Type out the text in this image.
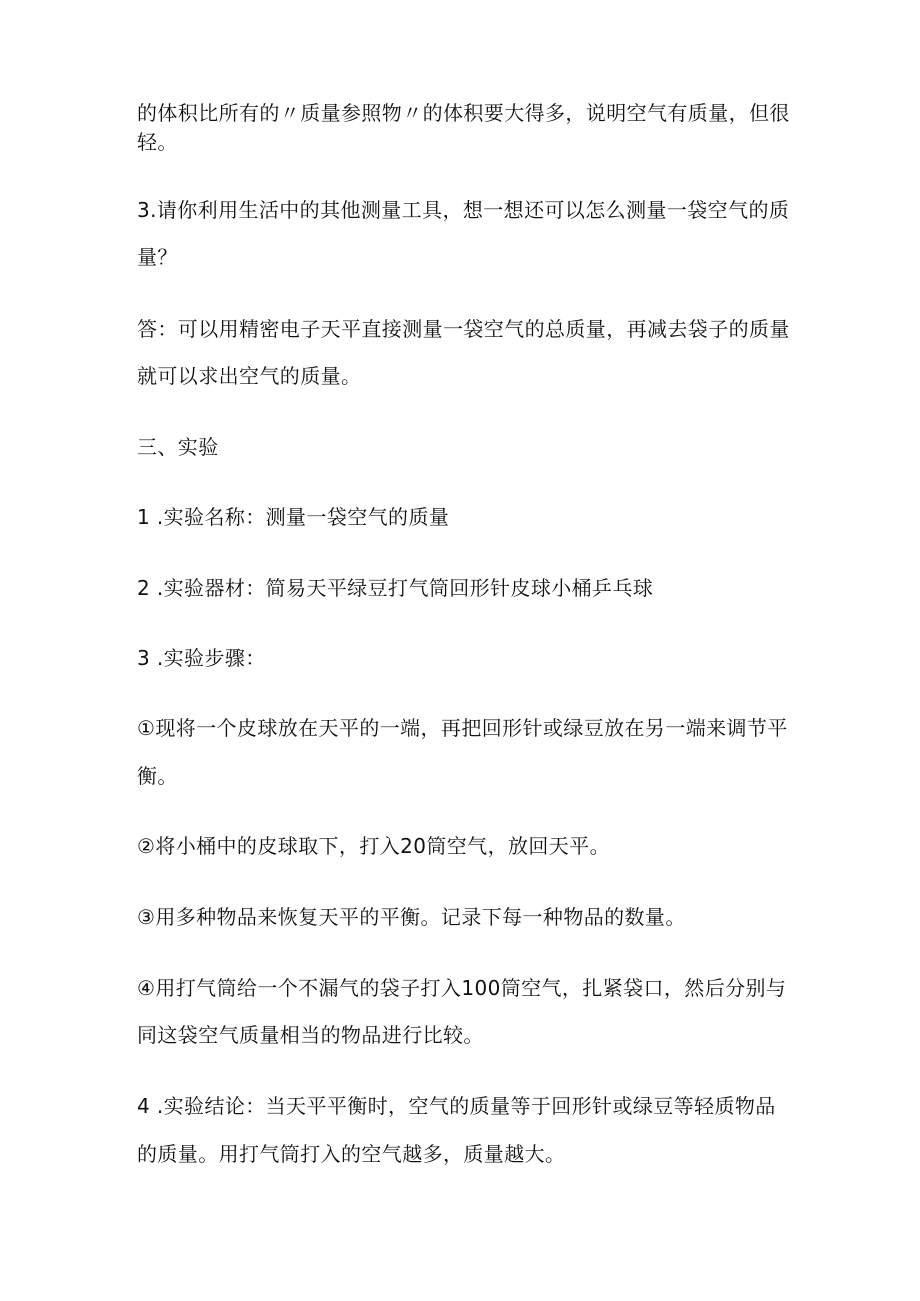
的体积比所有的〃质量参照物〃的体积要大得多，说明空气有质量，但很
轻。
3.请你利用生活中的其他测量工具，想一想还可以怎么测量一袋空气的质
量？
答：可以用精密电子天平直接测量一袋空气的总质量，再减去袋子的质量
就可以求出空气的质量。
三、实验
1 .实验名称：测量一袋空气的质量
2 .实验器材：简易天平绿豆打气筒回形针皮球小桶乒乓球
3 .实验步骤：
①现将一个皮球放在天平的一端，再把回形针或绿豆放在另一端来调节平
衡。
②将小桶中的皮球取下，打入20筒空气，放回天平。
③用多种物品来恢复天平的平衡。记录下每一种物品的数量。
④用打气筒给一个不漏气的袋子打入100筒空气，扎紧袋口，然后分别与
同这袋空气质量相当的物品进行比较。
4 .实验结论：当天平平衡时，空气的质量等于回形针或绿豆等轻质物品
的质量。用打气筒打入的空气越多，质量越大。
